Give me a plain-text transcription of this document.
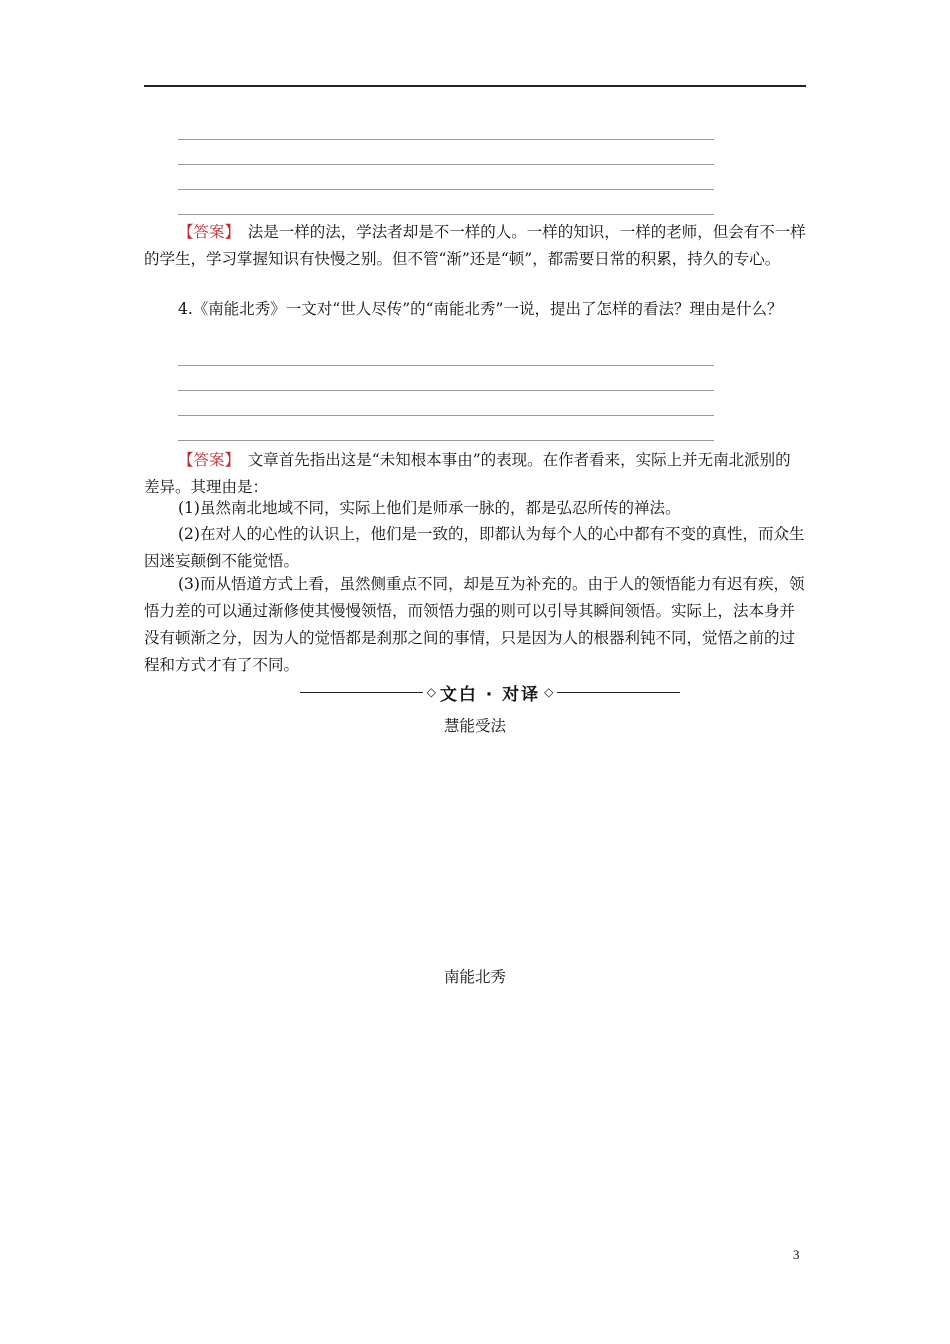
【答案】　 法是一样的法，学法者却是不一样的人。一样的知识，一样的老师，但会有不一样的学生，学习掌握知识有快慢之别。但不管“渐”还是“顿”，都需要日常的积累，持久的专心。

4.《南能北秀》一文对“世人尽传”的“南能北秀”一说，提出了怎样的看法？理由是什么？

【答案】　 文章首先指出这是“未知根本事由”的表现。在作者看来，实际上并无南北派别的差异。其理由是：

(1)虽然南北地域不同，实际上他们是师承一脉的，都是弘忍所传的禅法。

(2)在对人的心性的认识上，他们是一致的，即都认为每个人的心中都有不变的真性，而众生因迷妄颠倒不能觉悟。

(3)而从悟道方式上看，虽然侧重点不同，却是互为补充的。由于人的领悟能力有迟有疾，领悟力差的可以通过渐修使其慢慢领悟，而领悟力强的则可以引导其瞬间领悟。实际上，法本身并没有顿渐之分，因为人的觉悟都是刹那之间的事情，只是因为人的根器利钝不同，觉悟之前的过程和方式才有了不同。

◇ 文白 · 对译 ◇
慧能受法
南能北秀
3
